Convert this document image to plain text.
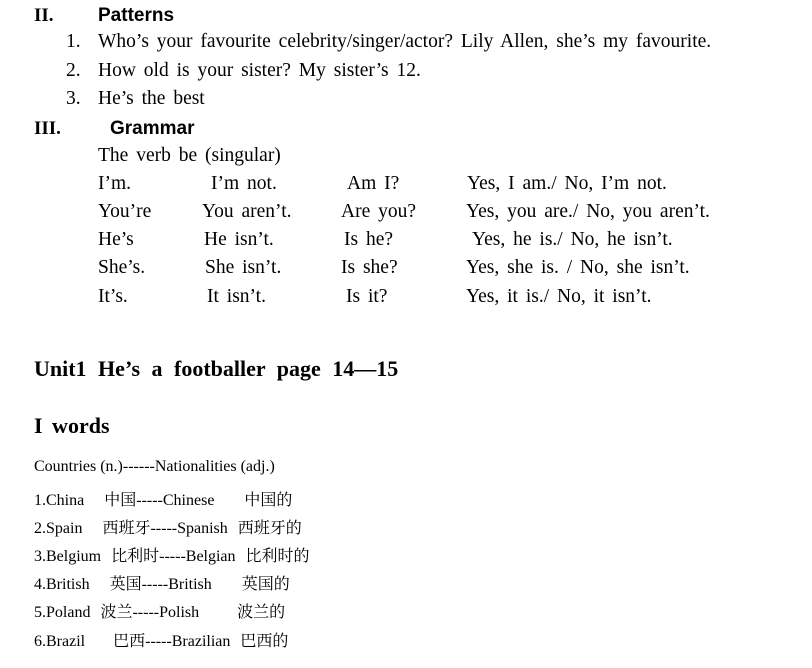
II. Patterns
1. Who’s your favourite celebrity/singer/actor? Lily Allen, she’s my favourite.
2. How old is your sister? My sister’s 12.
3. He’s the best
III.	Grammar
The verb be (singular)
I’m.	I’m not.	Am I?	Yes, I am./ No, I’m not.
You’re	You aren’t.	Are you?	Yes, you are./ No, you aren’t.
He’s	He isn’t.	Is he?	Yes, he is./ No, he isn’t.
She’s.	She isn’t.	Is she?	Yes, she is. / No, she isn’t.
It’s.	It isn’t.	Is it?	Yes, it is./ No, it isn’t.
Unit1 He’s a footballer page 14—15
I words
Countries (n.)------Nationalities (adj.)
1.China 中国-----Chinese 中国的
2.Spain 西班牙-----Spanish 西班牙的
3.Belgium 比利时-----Belgian 比利时的
4.British 英国-----British 英国的
5.Poland 波兰-----Polish 波兰的
6.Brazil 巴西-----Brazilian 巴西的
